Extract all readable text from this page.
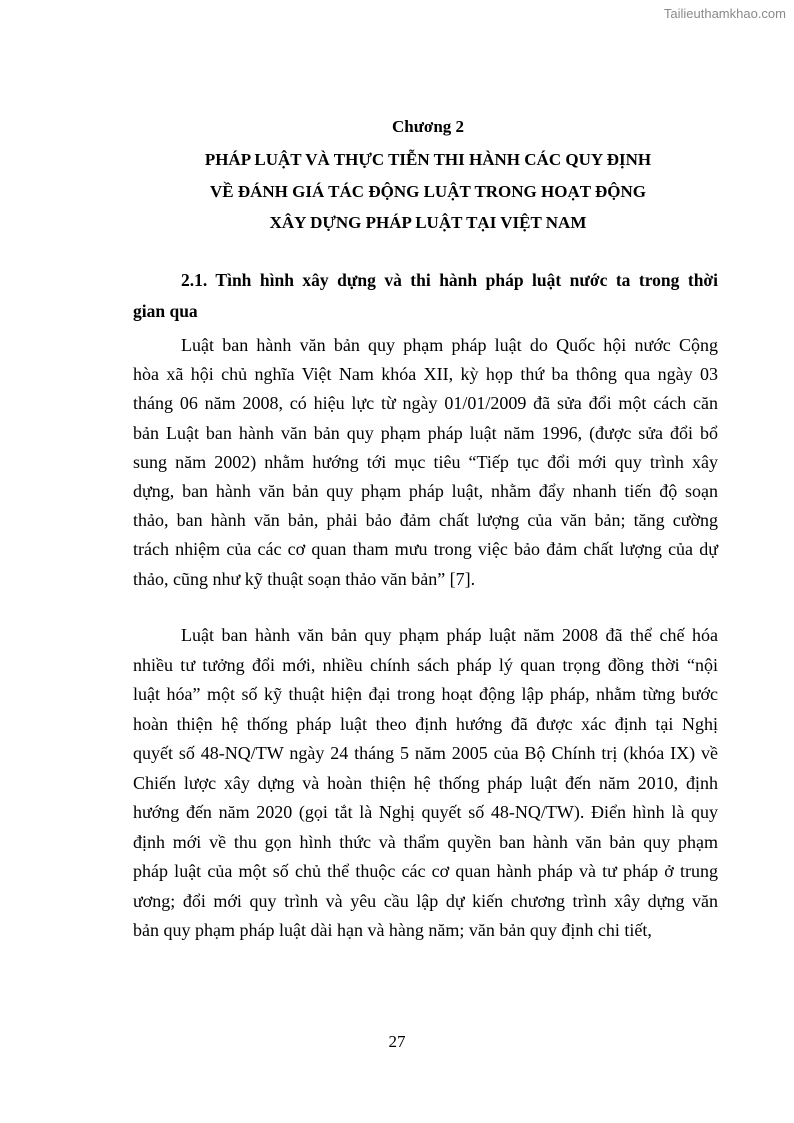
Tailieuthamkhao.com
Chương 2
PHÁP LUẬT VÀ THỰC TIỄN THI HÀNH CÁC QUY ĐỊNH
VỀ ĐÁNH GIÁ TÁC ĐỘNG LUẬT TRONG HOẠT ĐỘNG
XÂY DỰNG PHÁP LUẬT TẠI VIỆT NAM
2.1. Tình hình xây dựng và thi hành pháp luật nước ta trong thời
gian qua
Luật ban hành văn bản quy phạm pháp luật do Quốc hội nước Cộng
hòa xã hội chủ nghĩa Việt Nam khóa XII, kỳ họp thứ ba thông qua ngày 03
tháng 06 năm 2008, có hiệu lực từ ngày 01/01/2009 đã sửa đổi một cách căn
bản Luật ban hành văn bản quy phạm pháp luật năm 1996, (được sửa đổi bổ
sung năm 2002) nhằm hướng tới mục tiêu “Tiếp tục đổi mới quy trình xây
dựng, ban hành văn bản quy phạm pháp luật, nhằm đẩy nhanh tiến độ soạn
thảo, ban hành văn bản, phải bảo đảm chất lượng của văn bản; tăng cường
trách nhiệm của các cơ quan tham mưu trong việc bảo đảm chất lượng của dự
thảo, cũng như kỹ thuật soạn thảo văn bản” [7].
Luật ban hành văn bản quy phạm pháp luật năm 2008 đã thể chế hóa
nhiều tư tưởng đổi mới, nhiều chính sách pháp lý quan trọng đồng thời “nội
luật hóa” một số kỹ thuật hiện đại trong hoạt động lập pháp, nhằm từng bước
hoàn thiện hệ thống pháp luật theo định hướng đã được xác định tại Nghị
quyết số 48-NQ/TW ngày 24 tháng 5 năm 2005 của Bộ Chính trị (khóa IX) về
Chiến lược xây dựng và hoàn thiện hệ thống pháp luật đến năm 2010, định
hướng đến năm 2020 (gọi tắt là Nghị quyết số 48-NQ/TW). Điển hình là quy
định mới về thu gọn hình thức và thẩm quyền ban hành văn bản quy phạm
pháp luật của một số chủ thể thuộc các cơ quan hành pháp và tư pháp ở trung
ương; đổi mới quy trình và yêu cầu lập dự kiến chương trình xây dựng văn
bản quy phạm pháp luật dài hạn và hàng năm; văn bản quy định chi tiết,
27
